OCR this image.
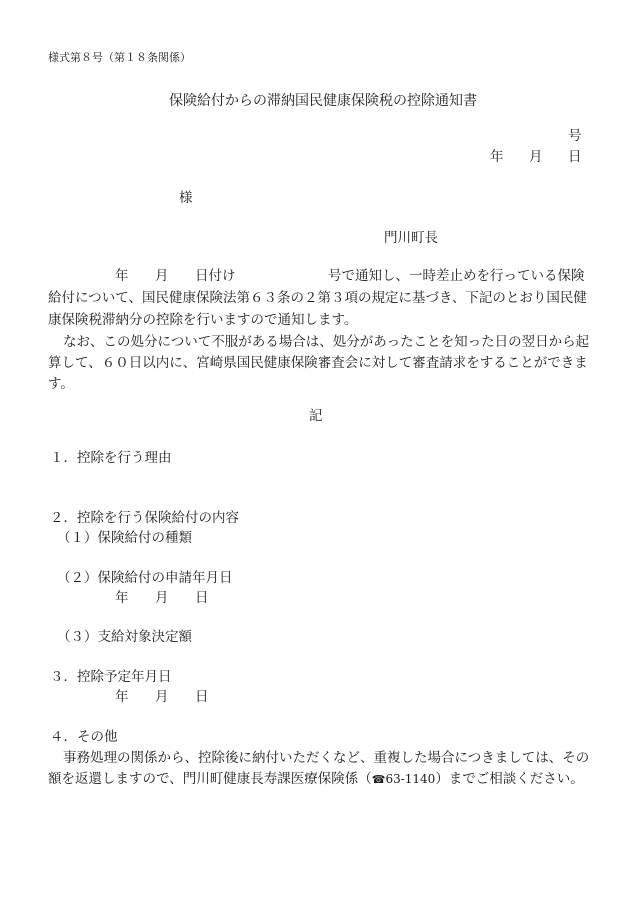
様式第８号（第１８条関係）
保険給付からの滞納国民健康保険税の控除通知書
号
年 月 日
様
門川町長
年 月 日付け	号で通知し、一時差止めを行っている保険
給付について、国民健康保険法第６３条の２第３項の規定に基づき、下記のとおり国民健
康保険税滞納分の控除を行いますので通知します。
なお、この処分について不服がある場合は、処分があったことを知った日の翌日から起
算して、６０日以内に、宮崎県国民健康保険審査会に対して審査請求をすることができま
す。
記
１．控除を行う理由
２．控除を行う保険給付の内容
（１）保険給付の種類
（２）保険給付の申請年月日
年 月 日
（３）支給対象決定額
３．控除予定年月日
年 月 日
４．その他
事務処理の関係から、控除後に納付いただくなど、重複した場合につきましては、その
額を返還しますので、門川町健康長寿課医療保険係（☎63-1140）までご相談ください。
